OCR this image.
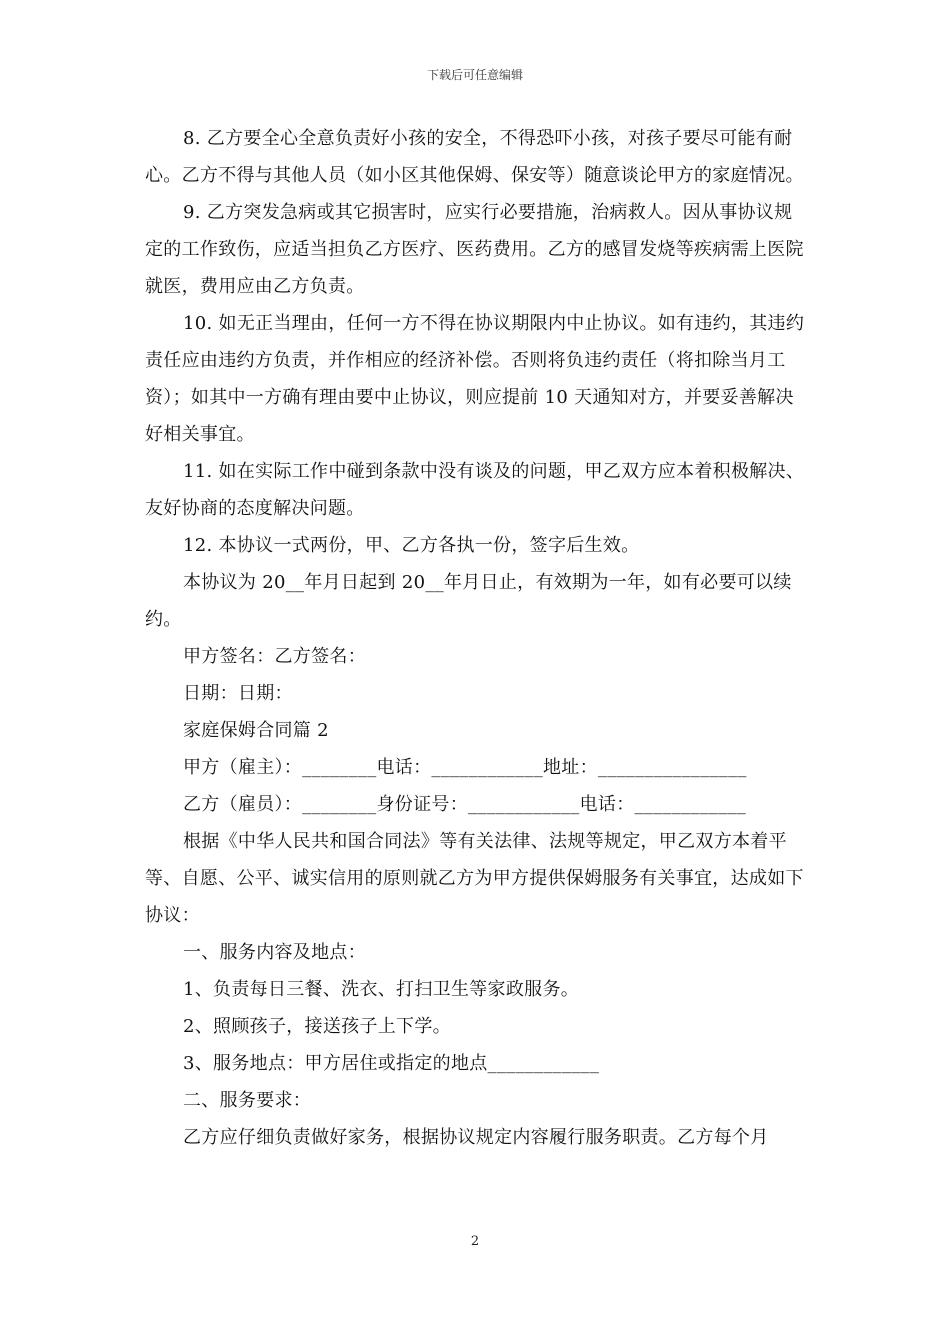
下载后可任意编辑

8. 乙方要全心全意负责好小孩的安全，不得恐吓小孩，对孩子要尽可能有耐心。乙方不得与其他人员（如小区其他保姆、保安等）随意谈论甲方的家庭情况。

9. 乙方突发急病或其它损害时，应实行必要措施，治病救人。因从事协议规定的工作致伤，应适当担负乙方医疗、医药费用。乙方的感冒发烧等疾病需上医院就医，费用应由乙方负责。

10. 如无正当理由，任何一方不得在协议期限内中止协议。如有违约，其违约责任应由违约方负责，并作相应的经济补偿。否则将负违约责任（将扣除当月工资）；如其中一方确有理由要中止协议，则应提前 10 天通知对方，并要妥善解决好相关事宜。

11. 如在实际工作中碰到条款中没有谈及的问题，甲乙双方应本着积极解决、友好协商的态度解决问题。

12. 本协议一式两份，甲、乙方各执一份，签字后生效。

本协议为 20__年月日起到 20__年月日止，有效期为一年，如有必要可以续约。

甲方签名：乙方签名：

日期：日期：

家庭保姆合同篇 2

甲方（雇主）：________电话：____________地址：________________

乙方（雇员）：________身份证号：____________电话：____________

根据《中华人民共和国合同法》等有关法律、法规等规定，甲乙双方本着平等、自愿、公平、诚实信用的原则就乙方为甲方提供保姆服务有关事宜，达成如下协议：

一、服务内容及地点：

1、负责每日三餐、洗衣、打扫卫生等家政服务。

2、照顾孩子，接送孩子上下学。

3、服务地点：甲方居住或指定的地点____________

二、服务要求：

乙方应仔细负责做好家务，根据协议规定内容履行服务职责。乙方每个月

2
